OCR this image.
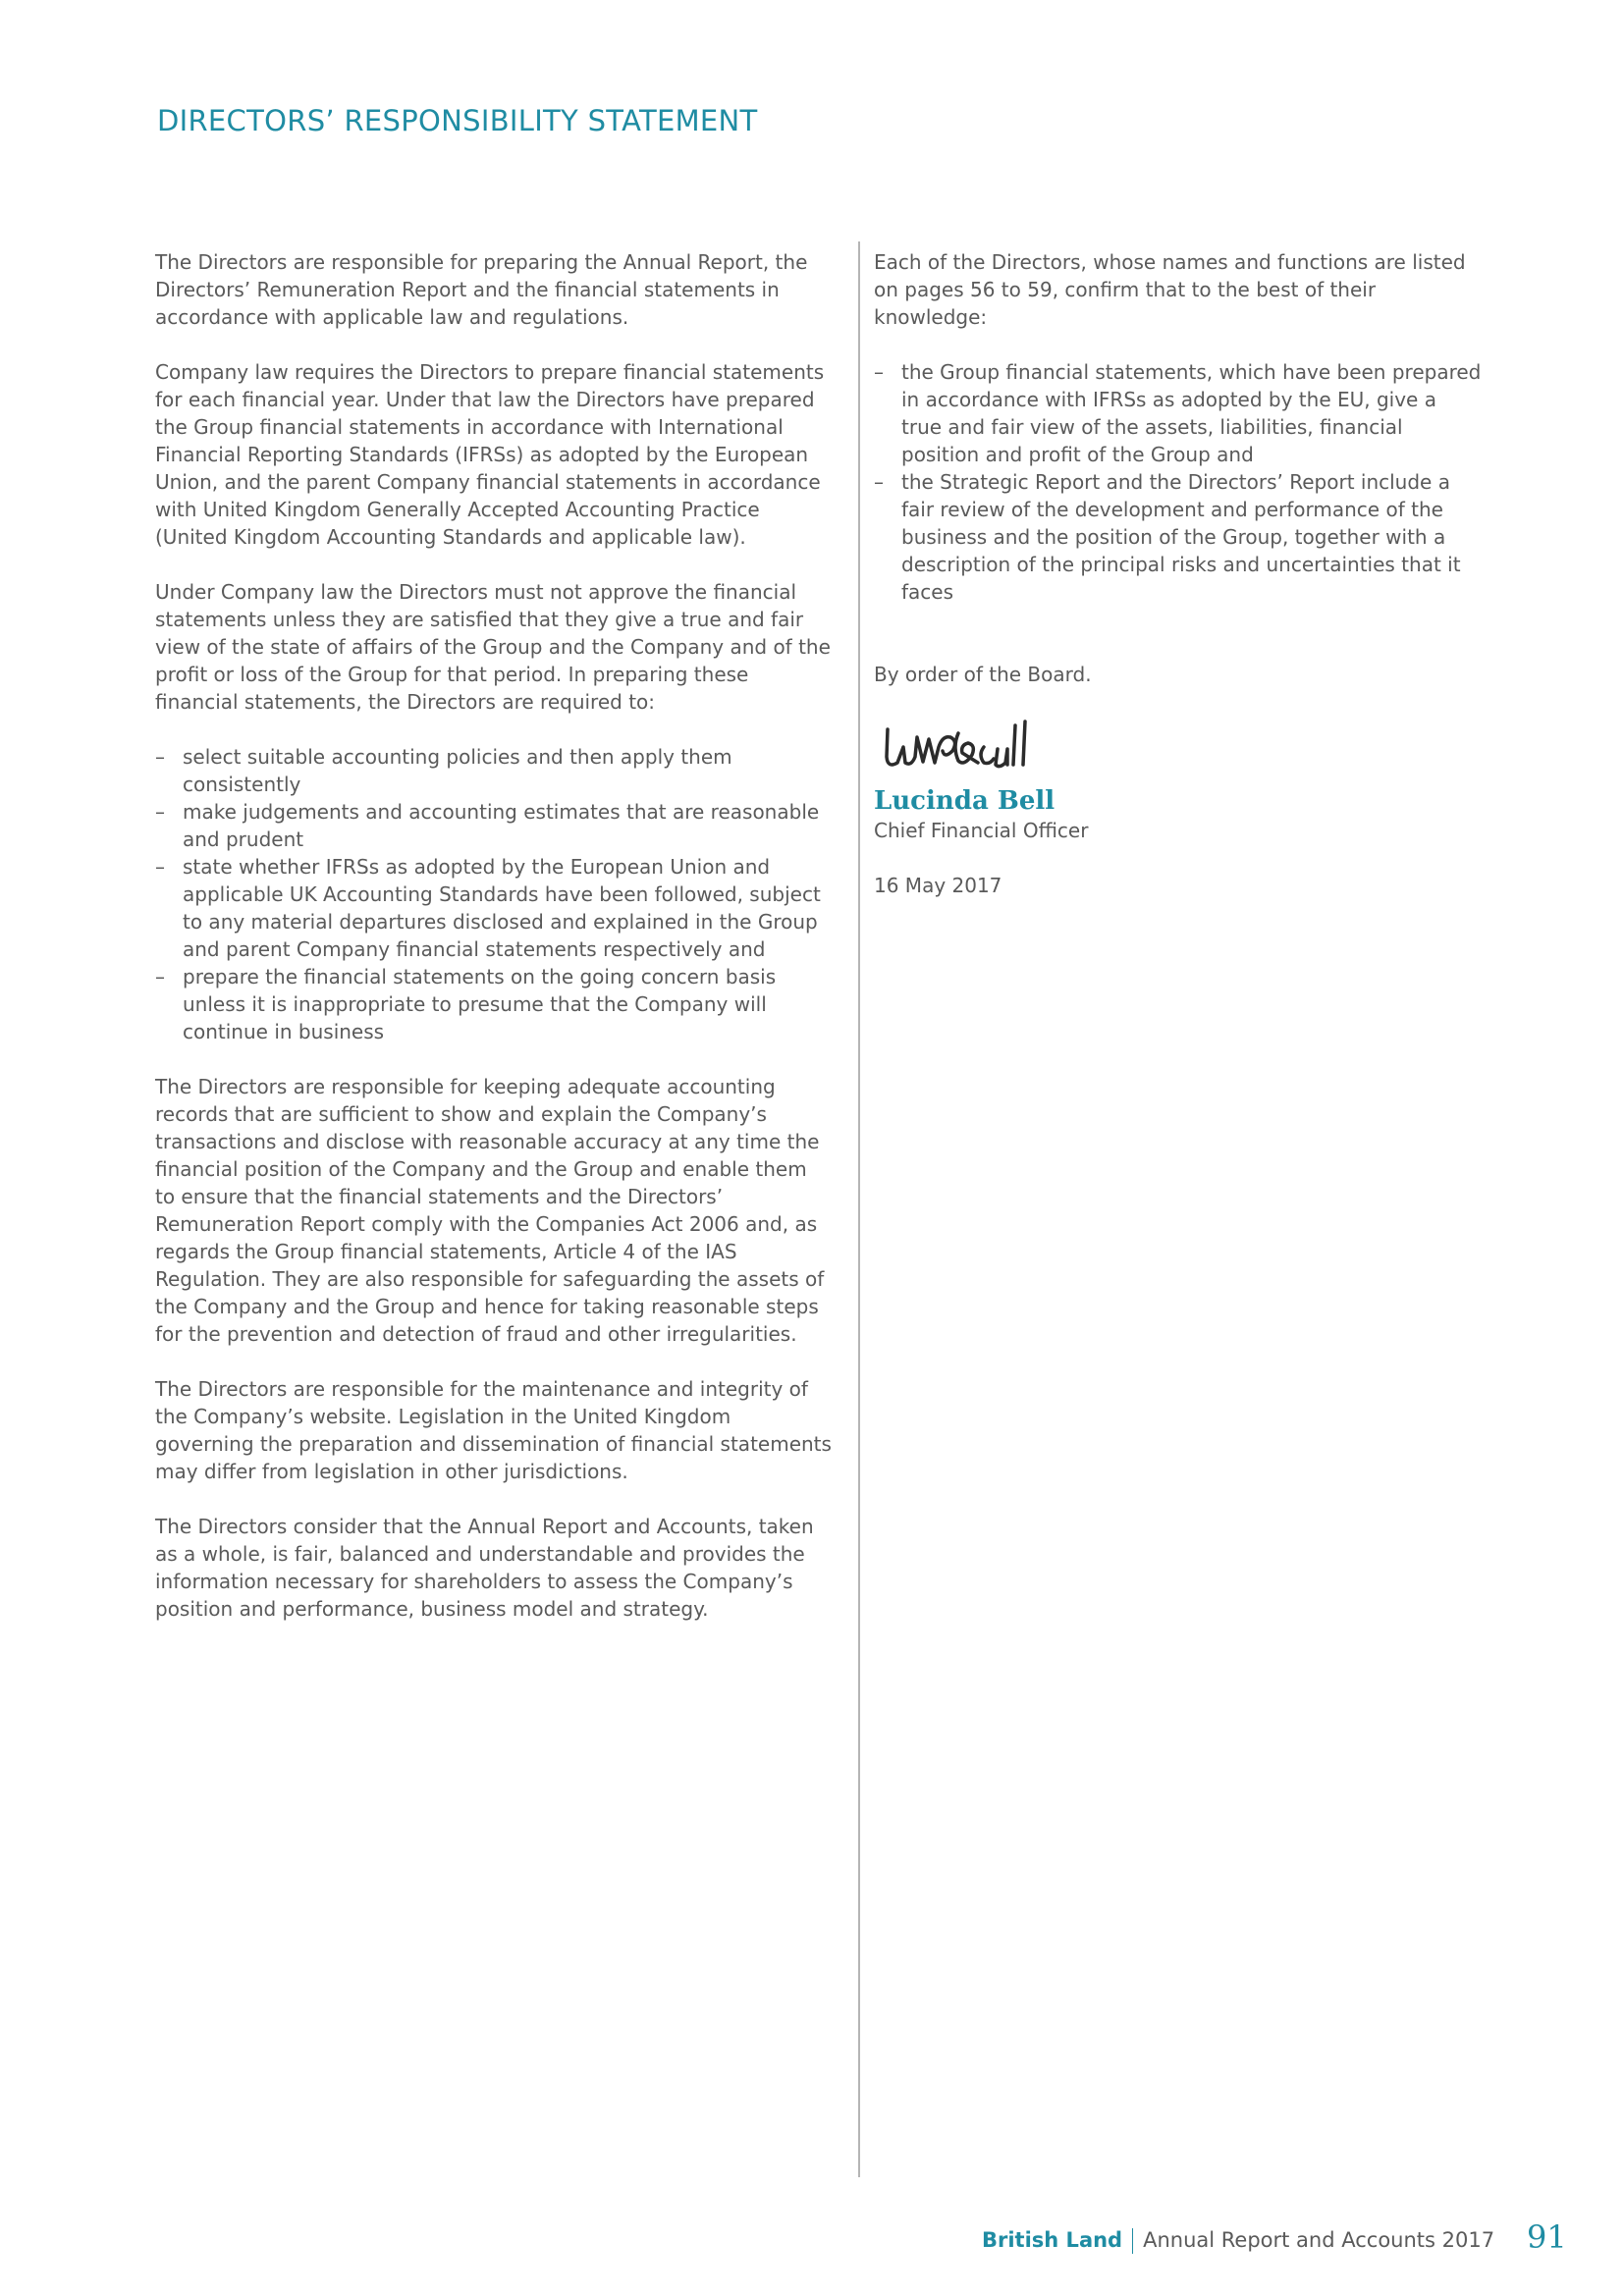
DIRECTORS’ RESPONSIBILITY STATEMENT

The Directors are responsible for preparing the Annual Report, the Directors’ Remuneration Report and the financial statements in accordance with applicable law and regulations.

Company law requires the Directors to prepare financial statements for each financial year. Under that law the Directors have prepared the Group financial statements in accordance with International Financial Reporting Standards (IFRSs) as adopted by the European Union, and the parent Company financial statements in accordance with United Kingdom Generally Accepted Accounting Practice (United Kingdom Accounting Standards and applicable law).

Under Company law the Directors must not approve the financial statements unless they are satisfied that they give a true and fair view of the state of affairs of the Group and the Company and of the profit or loss of the Group for that period. In preparing these financial statements, the Directors are required to:

– select suitable accounting policies and then apply them consistently
– make judgements and accounting estimates that are reasonable and prudent
– state whether IFRSs as adopted by the European Union and applicable UK Accounting Standards have been followed, subject to any material departures disclosed and explained in the Group and parent Company financial statements respectively and
– prepare the financial statements on the going concern basis unless it is inappropriate to presume that the Company will continue in business

The Directors are responsible for keeping adequate accounting records that are sufficient to show and explain the Company’s transactions and disclose with reasonable accuracy at any time the financial position of the Company and the Group and enable them to ensure that the financial statements and the Directors’ Remuneration Report comply with the Companies Act 2006 and, as regards the Group financial statements, Article 4 of the IAS Regulation. They are also responsible for safeguarding the assets of the Company and the Group and hence for taking reasonable steps for the prevention and detection of fraud and other irregularities.

The Directors are responsible for the maintenance and integrity of the Company’s website. Legislation in the United Kingdom governing the preparation and dissemination of financial statements may differ from legislation in other jurisdictions.

The Directors consider that the Annual Report and Accounts, taken as a whole, is fair, balanced and understandable and provides the information necessary for shareholders to assess the Company’s position and performance, business model and strategy.

Each of the Directors, whose names and functions are listed on pages 56 to 59, confirm that to the best of their knowledge:

– the Group financial statements, which have been prepared in accordance with IFRSs as adopted by the EU, give a true and fair view of the assets, liabilities, financial position and profit of the Group and
– the Strategic Report and the Directors’ Report include a fair review of the development and performance of the business and the position of the Group, together with a description of the principal risks and uncertainties that it faces

By order of the Board.

Lucinda Bell

Chief Financial Officer

16 May 2017

British Land Annual Report and Accounts 2017 91
